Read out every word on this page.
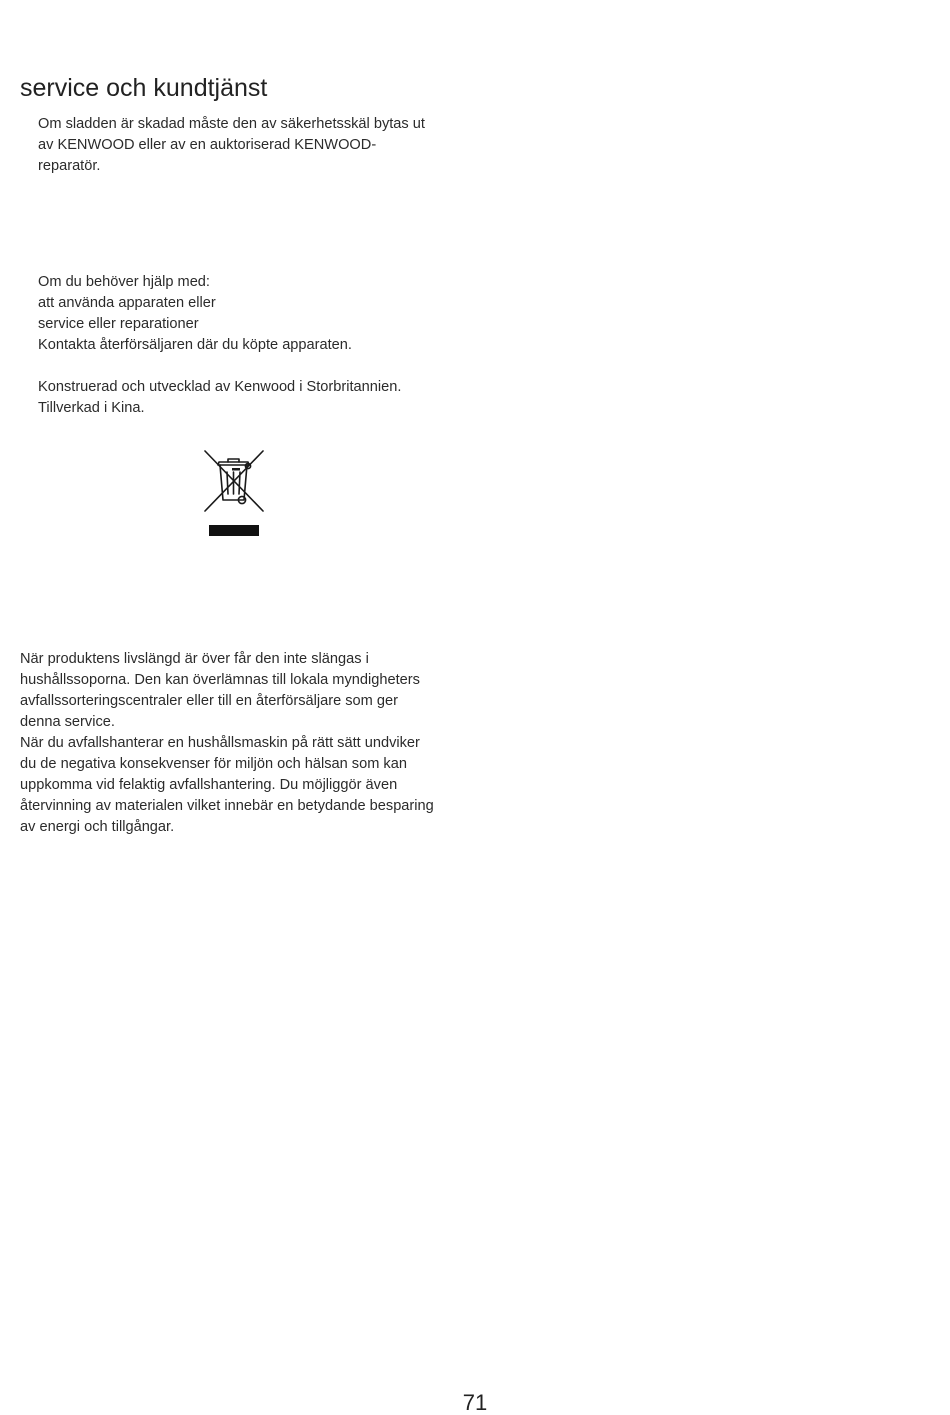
service och kundtjänst

Om sladden är skadad måste den av säkerhetsskäl bytas ut

av KENWOOD eller av en auktoriserad KENWOOD-

reparatör.

Om du behöver hjälp med:

att använda apparaten eller

service eller reparationer

Kontakta återförsäljaren där du köpte apparaten.

Konstruerad och utvecklad av Kenwood i Storbritannien.

Tillverkad i Kina.

När produktens livslängd är över får den inte slängas i

hushållssoporna. Den kan överlämnas till lokala myndigheters

avfallssorteringscentraler eller till en återförsäljare som ger

denna service.

När du avfallshanterar en hushållsmaskin på rätt sätt undviker

du de negativa konsekvenser för miljön och hälsan som kan

uppkomma vid felaktig avfallshantering. Du möjliggör även

återvinning av materialen vilket innebär en betydande besparing

av energi och tillgångar.

71
